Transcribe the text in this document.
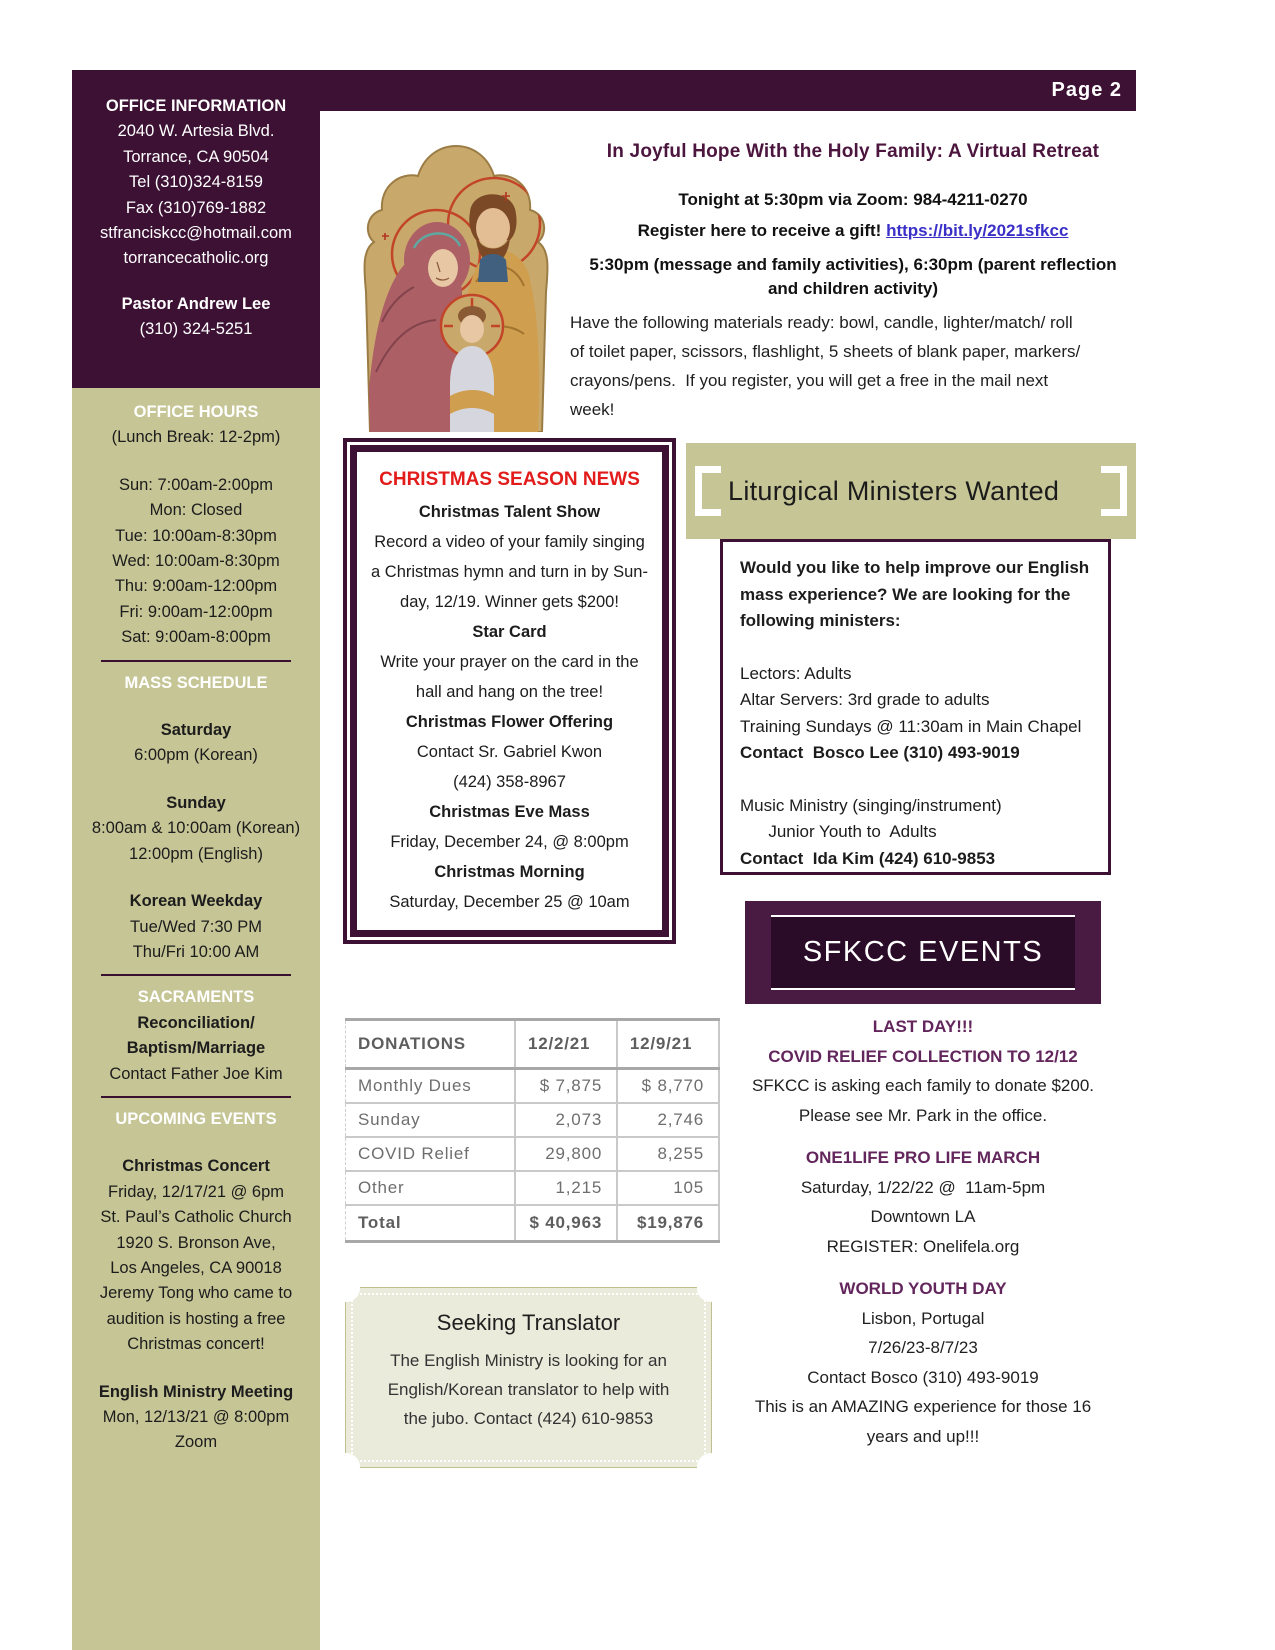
Page 2
OFFICE INFORMATION
2040 W. Artesia Blvd.
Torrance, CA 90504
Tel (310)324-8159
Fax (310)769-1882
stfranciskcc@hotmail.com
torrancecatholic.org
Pastor Andrew Lee
(310) 324-5251
OFFICE HOURS
(Lunch Break: 12-2pm)
Sun: 7:00am-2:00pm
Mon: Closed
Tue: 10:00am-8:30pm
Wed: 10:00am-8:30pm
Thu: 9:00am-12:00pm
Fri: 9:00am-12:00pm
Sat: 9:00am-8:00pm
MASS SCHEDULE
Saturday
6:00pm (Korean)
Sunday
8:00am & 10:00am (Korean)
12:00pm (English)
Korean Weekday
Tue/Wed 7:30 PM
Thu/Fri 10:00 AM
SACRAMENTS
Reconciliation/
Baptism/Marriage
Contact Father Joe Kim
UPCOMING EVENTS
Christmas Concert
Friday, 12/17/21 @ 6pm
St. Paul’s Catholic Church
1920 S. Bronson Ave,
Los Angeles, CA 90018
Jeremy Tong who came to
audition is hosting a free
Christmas concert!
English Ministry Meeting
Mon, 12/13/21 @ 8:00pm
Zoom
In Joyful Hope With the Holy Family: A Virtual Retreat
Tonight at 5:30pm via Zoom: 984-4211-0270
Register here to receive a gift! https://bit.ly/2021sfkcc
5:30pm (message and family activities), 6:30pm (parent reflection
and children activity)
Have the following materials ready: bowl, candle, lighter/match/ roll
of toilet paper, scissors, flashlight, 5 sheets of blank paper, markers/
crayons/pens.  If you register, you will get a free in the mail next
week!
CHRISTMAS SEASON NEWS
Christmas Talent Show
Record a video of your family singing
a Christmas hymn and turn in by Sun-
day, 12/19. Winner gets $200!
Star Card
Write your prayer on the card in the
hall and hang on the tree!
Christmas Flower Offering
Contact Sr. Gabriel Kwon
(424) 358-8967
Christmas Eve Mass
Friday, December 24, @ 8:00pm
Christmas Morning
Saturday, December 25 @ 10am
Liturgical Ministers Wanted
Would you like to help improve our English
mass experience? We are looking for the
following ministers:
Lectors: Adults
Altar Servers: 3rd grade to adults
Training Sundays @ 11:30am in Main Chapel
Contact  Bosco Lee (310) 493-9019
Music Ministry (singing/instrument)
Junior Youth to  Adults
Contact  Ida Kim (424) 610-9853
SFKCC EVENTS
LAST DAY!!!
COVID RELIEF COLLECTION TO 12/12
SFKCC is asking each family to donate $200.
Please see Mr. Park in the office.
ONE1LIFE PRO LIFE MARCH
Saturday, 1/22/22 @  11am-5pm
Downtown LA
REGISTER: Onelifela.org
WORLD YOUTH DAY
Lisbon, Portugal
7/26/23-8/7/23
Contact Bosco (310) 493-9019
This is an AMAZING experience for those 16
years and up!!!
DONATIONS	12/2/21	12/9/21
Monthly Dues	$ 7,875	$ 8,770
Sunday	2,073	2,746
COVID Relief	29,800	8,255
Other	1,215	105
Total	$ 40,963	$19,876
Seeking Translator
The English Ministry is looking for an
English/Korean translator to help with
the jubo. Contact (424) 610-9853
